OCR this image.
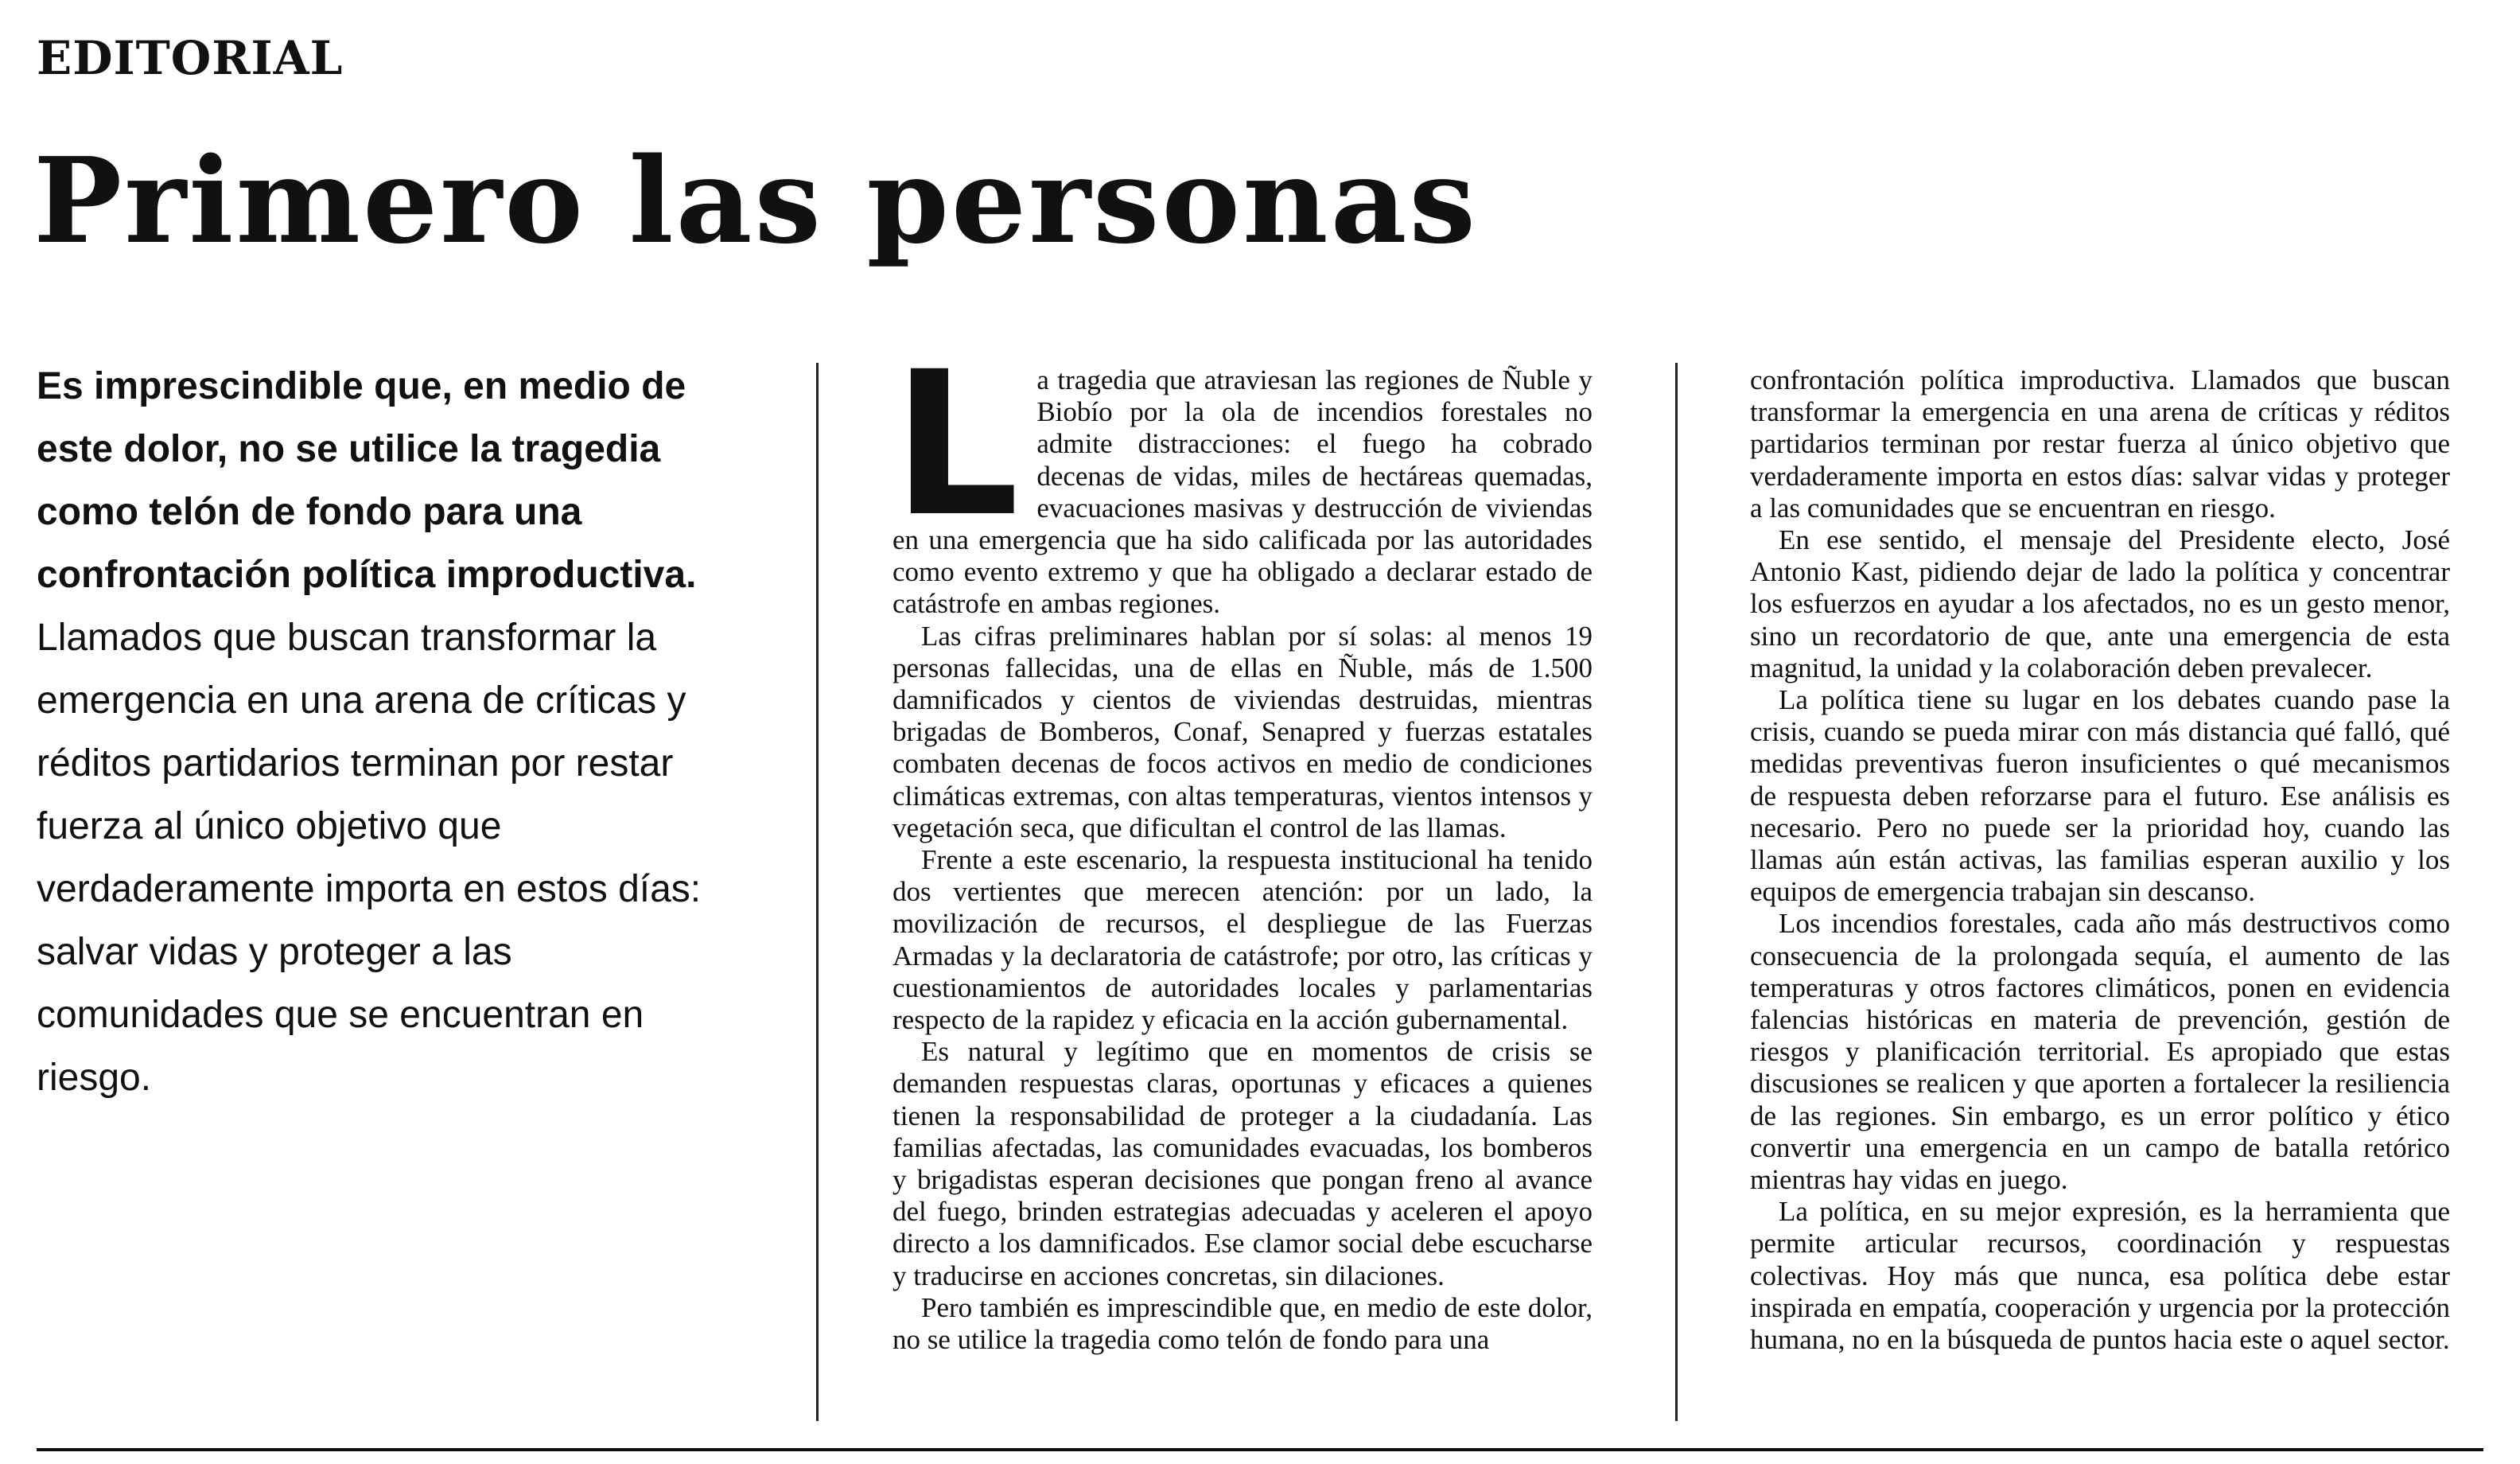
EDITORIAL
Primero las personas

Es imprescindible que, en medio de este dolor, no se utilice la tragedia como telón de fondo para una confrontación política improductiva. Llamados que buscan transformar la emergencia en una arena de críticas y réditos partidarios terminan por restar fuerza al único objetivo que verdaderamente importa en estos días: salvar vidas y proteger a las comunidades que se encuentran en riesgo.

La tragedia que atraviesan las regiones de Ñuble y Biobío por la ola de incendios forestales no admite distracciones: el fuego ha cobrado decenas de vidas, miles de hectáreas quemadas, evacuaciones masivas y destrucción de viviendas en una emergencia que ha sido calificada por las autoridades como evento extremo y que ha obligado a declarar estado de catástrofe en ambas regiones.

Las cifras preliminares hablan por sí solas: al menos 19 personas fallecidas, una de ellas en Ñuble, más de 1.500 damnificados y cientos de viviendas destruidas, mientras brigadas de Bomberos, Conaf, Senapred y fuerzas estatales combaten decenas de focos activos en medio de condiciones climáticas extremas, con altas temperaturas, vientos intensos y vegetación seca, que dificultan el control de las llamas.

Frente a este escenario, la respuesta institucional ha tenido dos vertientes que merecen atención: por un lado, la movilización de recursos, el despliegue de las Fuerzas Armadas y la declaratoria de catástrofe; por otro, las críticas y cuestionamientos de autoridades locales y parlamentarias respecto de la rapidez y eficacia en la acción gubernamental.

Es natural y legítimo que en momentos de crisis se demanden respuestas claras, oportunas y eficaces a quienes tienen la responsabilidad de proteger a la ciudadanía. Las familias afectadas, las comunidades evacuadas, los bomberos y brigadistas esperan decisiones que pongan freno al avance del fuego, brinden estrategias adecuadas y aceleren el apoyo directo a los damnificados. Ese clamor social debe escucharse y traducirse en acciones concretas, sin dilaciones.

Pero también es imprescindible que, en medio de este dolor, no se utilice la tragedia como telón de fondo para una

confrontación política improductiva. Llamados que buscan transformar la emergencia en una arena de críticas y réditos partidarios terminan por restar fuerza al único objetivo que verdaderamente importa en estos días: salvar vidas y proteger a las comunidades que se encuentran en riesgo.

En ese sentido, el mensaje del Presidente electo, José Antonio Kast, pidiendo dejar de lado la política y concentrar los esfuerzos en ayudar a los afectados, no es un gesto menor, sino un recordatorio de que, ante una emergencia de esta magnitud, la unidad y la colaboración deben prevalecer.

La política tiene su lugar en los debates cuando pase la crisis, cuando se pueda mirar con más distancia qué falló, qué medidas preventivas fueron insuficientes o qué mecanismos de respuesta deben reforzarse para el futuro. Ese análisis es necesario. Pero no puede ser la prioridad hoy, cuando las llamas aún están activas, las familias esperan auxilio y los equipos de emergencia trabajan sin descanso.

Los incendios forestales, cada año más destructivos como consecuencia de la prolongada sequía, el aumento de las temperaturas y otros factores climáticos, ponen en evidencia falencias históricas en materia de prevención, gestión de riesgos y planificación territorial. Es apropiado que estas discusiones se realicen y que aporten a fortalecer la resiliencia de las regiones. Sin embargo, es un error político y ético convertir una emergencia en un campo de batalla retórico mientras hay vidas en juego.

La política, en su mejor expresión, es la herramienta que permite articular recursos, coordinación y respuestas colectivas. Hoy más que nunca, esa política debe estar inspirada en empatía, cooperación y urgencia por la protección humana, no en la búsqueda de puntos hacia este o aquel sector.
